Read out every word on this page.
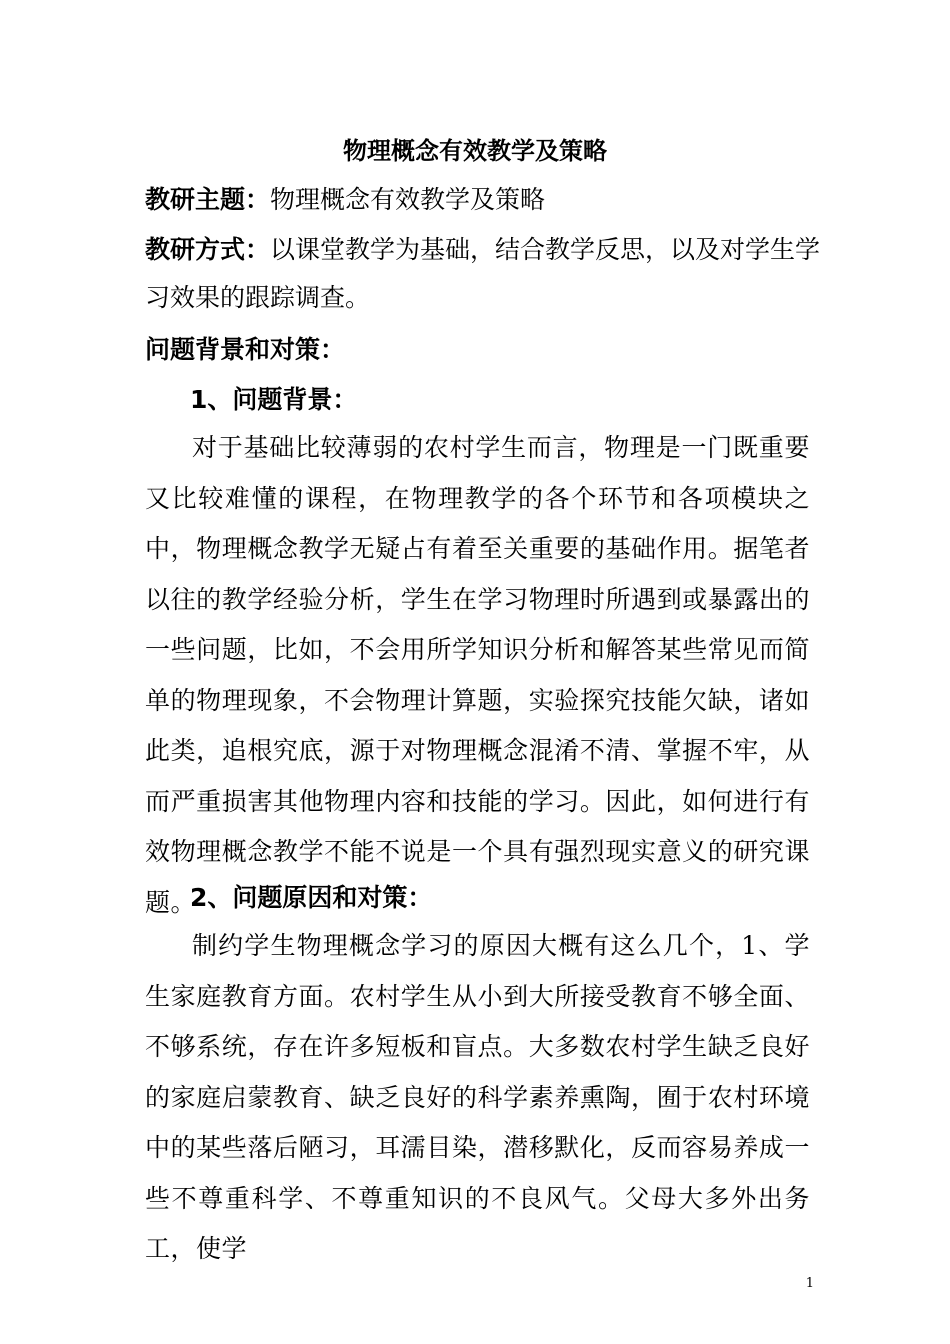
物理概念有效教学及策略
教研主题：物理概念有效教学及策略
教研方式：以课堂教学为基础，结合教学反思，以及对学生学
习效果的跟踪调查。
问题背景和对策：
1、问题背景：
对于基础比较薄弱的农村学生而言，物理是一门既重要又比较难懂的课程，在物理教学的各个环节和各项模块之中，物理概念教学无疑占有着至关重要的基础作用。据笔者以往的教学经验分析，学生在学习物理时所遇到或暴露出的一些问题，比如，不会用所学知识分析和解答某些常见而简单的物理现象，不会物理计算题，实验探究技能欠缺，诸如此类，追根究底，源于对物理概念混淆不清、掌握不牢，从而严重损害其他物理内容和技能的学习。因此，如何进行有效物理概念教学不能不说是一个具有强烈现实意义的研究课题。
2、问题原因和对策：
制约学生物理概念学习的原因大概有这么几个，1、学生家庭教育方面。农村学生从小到大所接受教育不够全面、不够系统，存在许多短板和盲点。大多数农村学生缺乏良好的家庭启蒙教育、缺乏良好的科学素养熏陶，囿于农村环境中的某些落后陋习，耳濡目染，潜移默化，反而容易养成一些不尊重科学、不尊重知识的不良风气。父母大多外出务工，使学
1
